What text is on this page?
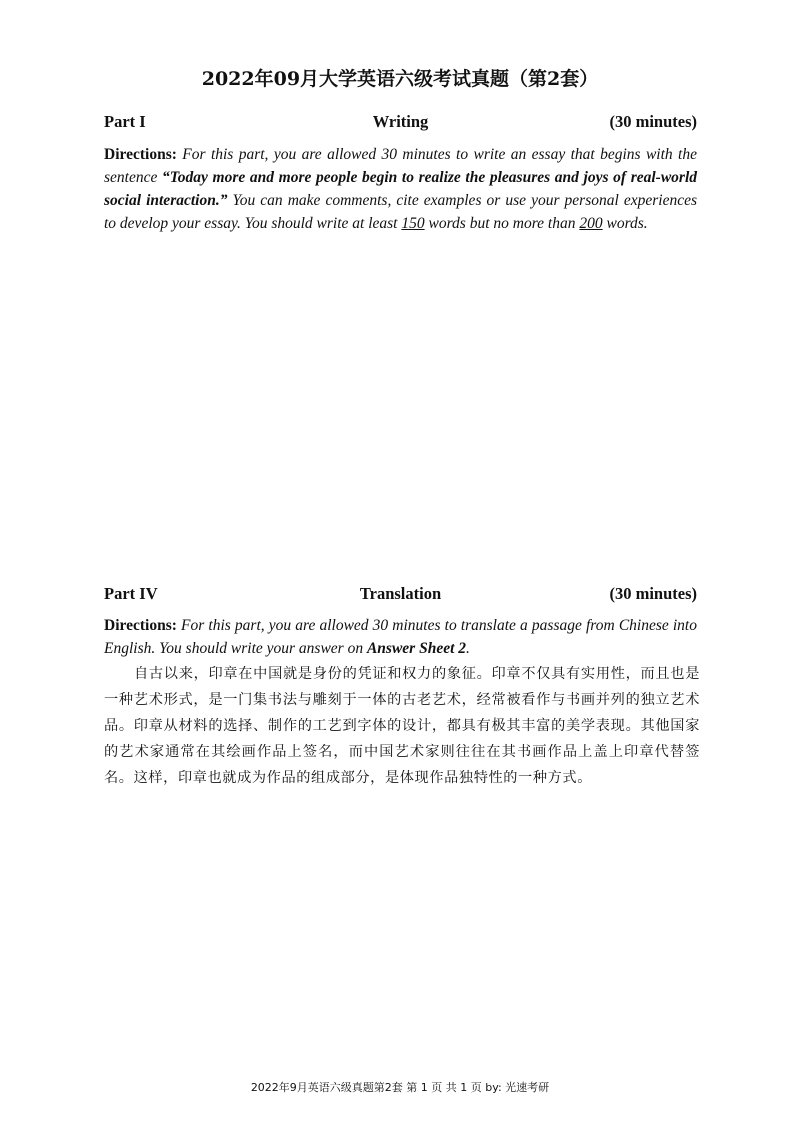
2022年09月大学英语六级考试真题（第2套）
Part I	Writing	(30 minutes)
Directions: For this part, you are allowed 30 minutes to write an essay that begins with the sentence “Today more and more people begin to realize the pleasures and joys of real-world social interaction.” You can make comments, cite examples or use your personal experiences to develop your essay. You should write at least 150 words but no more than 200 words.
Part IV	Translation	(30 minutes)
Directions: For this part, you are allowed 30 minutes to translate a passage from Chinese into English. You should write your answer on Answer Sheet 2.
自古以来，印章在中国就是身份的凭证和权力的象征。印章不仅具有实用性，而且也是一种艺术形式，是一门集书法与雕刻于一体的古老艺术，经常被看作与书画并列的独立艺术品。印章从材料的选择、制作的工艺到字体的设计，都具有极其丰富的美学表现。其他国家的艺术家通常在其绘画作品上签名，而中国艺术家则往往在其书画作品上盖上印章代替签名。这样，印章也就成为作品的组成部分，是体现作品独特性的一种方式。
2022年9月英语六级真题第2套 第 1 页 共 1 页 by: 光速考研
